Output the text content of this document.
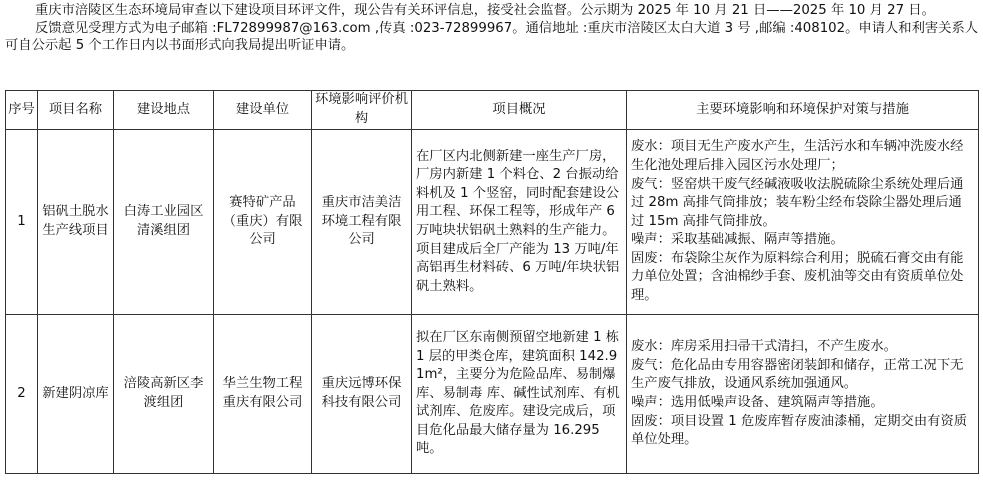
重庆市涪陵区生态环境局审查以下建设项目环评文件，现公告有关环评信息，接受社会监督。公示期为 2025 年 10 月 21 日——2025 年 10 月 27 日。

反馈意见受理方式为电子邮箱 :FL72899987@163.com ,传真 :023-72899967。通信地址 :重庆市涪陵区太白大道 3 号 ,邮编 :408102。申请人和利害关系人可自公示起 5 个工作日内以书面形式向我局提出听证申请。

序号	项目名称	建设地点	建设单位	环境影响评价机构	项目概况	主要环境影响和环境保护对策与措施
1	铝矾土脱水生产线项目	白涛工业园区清溪组团	赛特矿产品（重庆）有限公司	重庆市洁美洁环境工程有限公司	在厂区内北侧新建一座生产厂房，厂房内新建 1 个料仓、2 台振动给料机及 1 个竖窑，同时配套建设公用工程、环保工程等，形成年产 6 万吨块状铝矾土熟料的生产能力。项目建成后全厂产能为 13 万吨/年高铝再生材料砖、6 万吨/年块状铝矾土熟料。	废水：项目无生产废水产生，生活污水和车辆冲洗废水经生化池处理后排入园区污水处理厂；
废气：竖窑烘干废气经碱液吸收法脱硫除尘系统处理后通过 28m 高排气筒排放；装车粉尘经布袋除尘器处理后通过 15m 高排气筒排放。
噪声：采取基础减振、隔声等措施。
固废：布袋除尘灰作为原料综合利用；脱硫石膏交由有能力单位处置；含油棉纱手套、废机油等交由有资质单位处理。

2	新建阴凉库	涪陵高新区李渡组团	华兰生物工程重庆有限公司	重庆远博环保科技有限公司	拟在厂区东南侧预留空地新建 1 栋 1 层的甲类仓库，建筑面积 142.91m²，主要分为危险品库、易制爆库、易制毒 库、碱性试剂库、有机试剂库、危废库。建设完成后，项目危化品最大储存量为 16.295 吨。	废水：库房采用扫帚干式清扫，不产生废水。
废气：危化品由专用容器密闭装卸和储存，正常工况下无生产废气排放，设通风系统加强通风。
噪声：选用低噪声设备、建筑隔声等措施。
固废：项目设置 1 危废库暂存废油漆桶，定期交由有资质单位处理。
